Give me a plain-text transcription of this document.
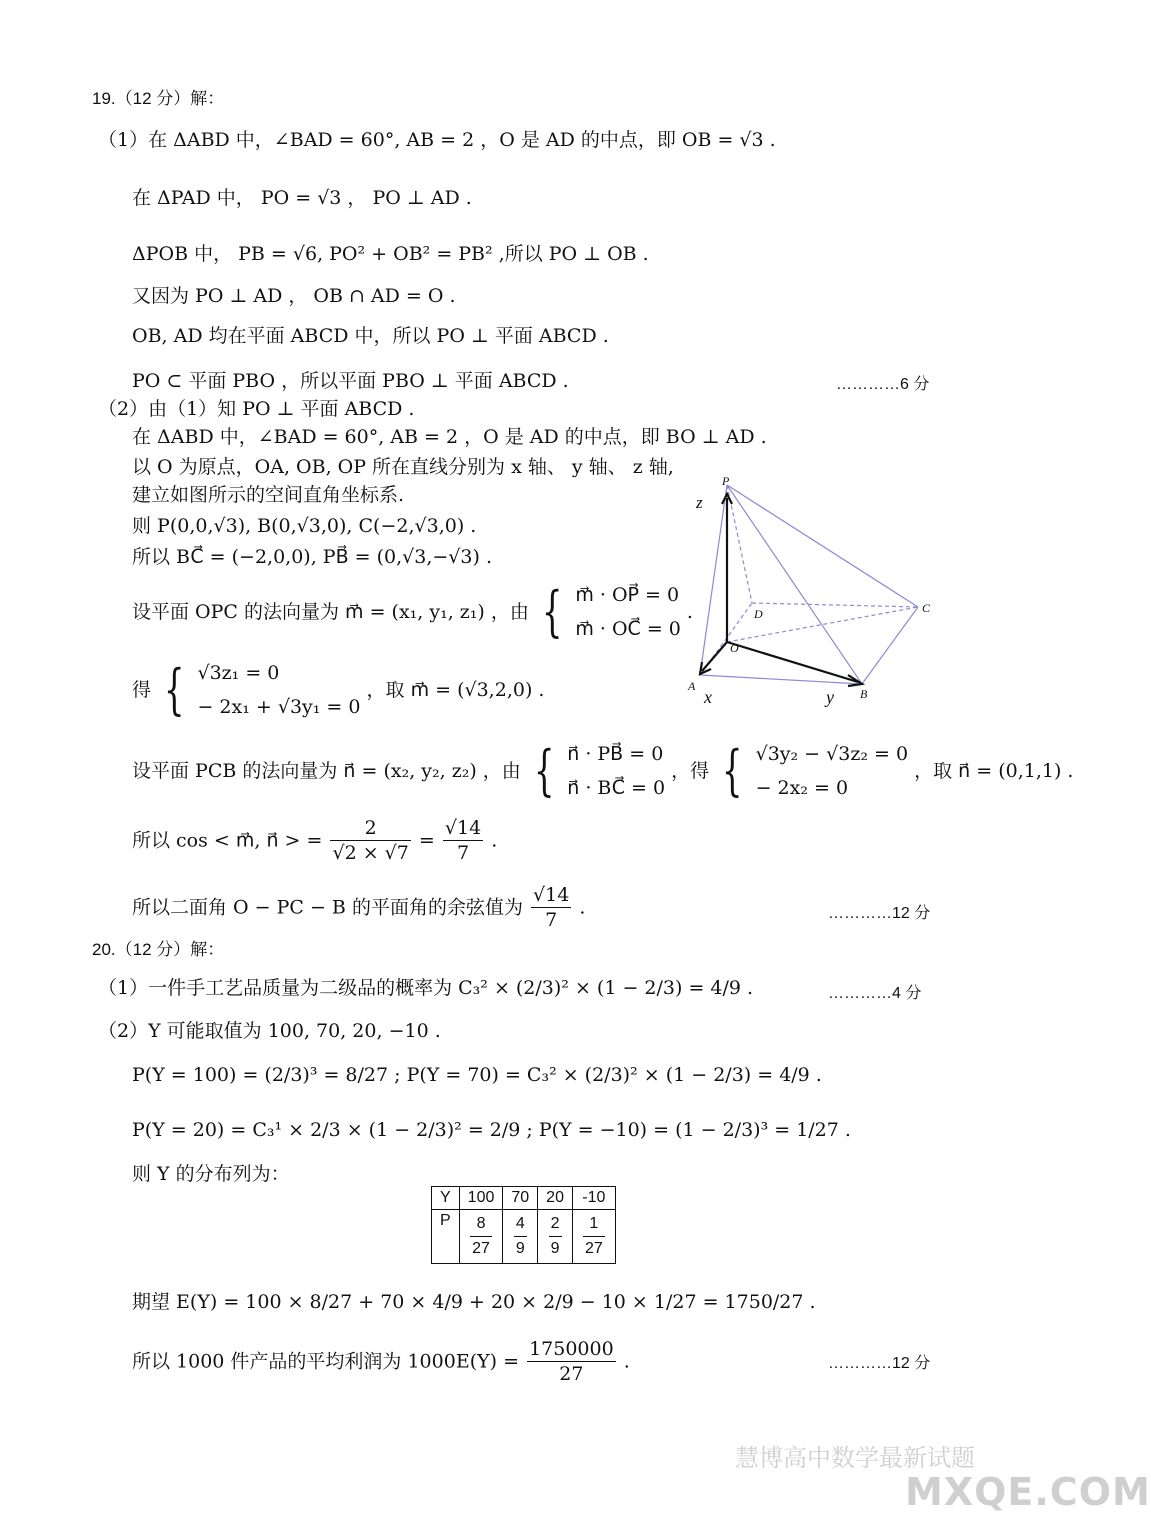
19.（12 分）解：
（1）在 ΔABD 中，∠BAD = 60°, AB = 2 ，O 是 AD 的中点，即 OB = √3 .
在 ΔPAD 中， PO = √3 ， PO ⊥ AD .
ΔPOB 中， PB = √6, PO² + OB² = PB² ,所以 PO ⊥ OB .
又因为 PO ⊥ AD ， OB ∩ AD = O .
OB, AD 均在平面 ABCD 中，所以 PO ⊥ 平面 ABCD .
PO ⊂ 平面 PBO ，所以平面 PBO ⊥ 平面 ABCD .	…………6 分
（2）由（1）知 PO ⊥ 平面 ABCD .
在 ΔABD 中，∠BAD = 60°, AB = 2 ，O 是 AD 的中点，即 BO ⊥ AD .
以 O 为原点，OA, OB, OP 所在直线分别为 x 轴、 y 轴、 z 轴,
建立如图所示的空间直角坐标系.
则 P(0,0,√3), B(0,√3,0), C(−2,√3,0) .
所以 BC⃗ = (−2,0,0), PB⃗ = (0,√3,−√3) .
设平面 OPC 的法向量为 m⃗ = (x₁, y₁, z₁) ，由 { m⃗ · OP⃗ = 0
m⃗ · OC⃗ = 0
.
得 { √3z₁ = 0
− 2x₁ + √3y₁ = 0
，取 m⃗ = (√3,2,0) .
设平面 PCB 的法向量为 n⃗ = (x₂, y₂, z₂) ，由 { n⃗ · PB⃗ = 0
n⃗ · BC⃗ = 0
，得 { √3y₂ − √3z₂ = 0
− 2x₂ = 0
，取 n⃗ = (0,1,1) .
所以 cos < m⃗, n⃗ > = $\frac{2}{√2 \times √7} = \frac{√14}{7}$ .
所以二面角 O − PC − B 的平面角的余弦值为 $\frac{√14}{7}$ .	…………12 分
P
z
D	C
O
A
x	y B
20.（12 分）解：
（1）一件手工艺品质量为二级品的概率为 C₃² × (2/3)² × (1 − 2/3) = 4/9 .	…………4 分
（2）Y 可能取值为 100, 70, 20, −10 .
P(Y = 100) = (2/3)³ = 8/27 ; P(Y = 70) = C₃² × (2/3)² × (1 − 2/3) = 4/9 .
P(Y = 20) = C₃¹ × 2/3 × (1 − 2/3)² = 2/9 ; P(Y = −10) = (1 − 2/3)³ = 1/27 .
则 Y 的分布列为：
Y	100	70	20	-10
P	$\frac{8}{27}$	$\frac{4}{9}$	$\frac{2}{9}$	$\frac{1}{27}$
期望 E(Y) = 100 × 8/27 + 70 × 4/9 + 20 × 2/9 − 10 × 1/27 = 1750/27 .
所以 1000 件产品的平均利润为 $1000E(Y) = \frac{1750000}{27}$ .	…………12 分
慧博高中数学最新试题
MXQE.COM
